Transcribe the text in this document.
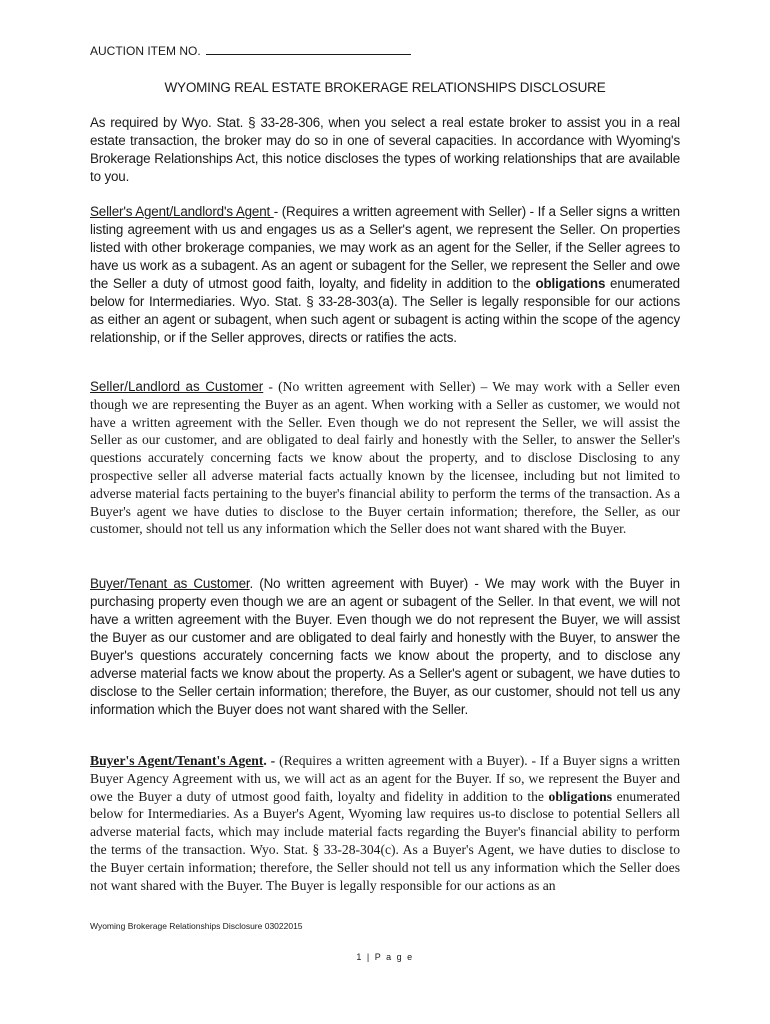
AUCTION ITEM NO.
WYOMING REAL ESTATE BROKERAGE RELATIONSHIPS DISCLOSURE

As required by Wyo. Stat. § 33-28-306, when you select a real estate broker to assist you in a real estate transaction, the broker may do so in one of several capacities. In accordance with Wyoming's Brokerage Relationships Act, this notice discloses the types of working relationships that are available to you.

Seller's Agent/Landlord's Agent - (Requires a written agreement with Seller) - If a Seller signs a written listing agreement with us and engages us as a Seller's agent, we represent the Seller. On properties listed with other brokerage companies, we may work as an agent for the Seller, if the Seller agrees to have us work as a subagent. As an agent or subagent for the Seller, we represent the Seller and owe the Seller a duty of utmost good faith, loyalty, and fidelity in addition to the obligations enumerated below for Intermediaries. Wyo. Stat. § 33-28-303(a). The Seller is legally responsible for our actions as either an agent or subagent, when such agent or subagent is acting within the scope of the agency relationship, or if the Seller approves, directs or ratifies the acts.

Seller/Landlord as Customer - (No written agreement with Seller) – We may work with a Seller even though we are representing the Buyer as an agent. When working with a Seller as customer, we would not have a written agreement with the Seller. Even though we do not represent the Seller, we will assist the Seller as our customer, and are obligated to deal fairly and honestly with the Seller, to answer the Seller's questions accurately concerning facts we know about the property, and to disclose Disclosing to any prospective seller all adverse material facts actually known by the licensee, including but not limited to adverse material facts pertaining to the buyer's financial ability to perform the terms of the transaction. As a Buyer's agent we have duties to disclose to the Buyer certain information; therefore, the Seller, as our customer, should not tell us any information which the Seller does not want shared with the Buyer.

Buyer/Tenant as Customer. (No written agreement with Buyer) - We may work with the Buyer in purchasing property even though we are an agent or subagent of the Seller. In that event, we will not have a written agreement with the Buyer. Even though we do not represent the Buyer, we will assist the Buyer as our customer and are obligated to deal fairly and honestly with the Buyer, to answer the Buyer's questions accurately concerning facts we know about the property, and to disclose any adverse material facts we know about the property. As a Seller's agent or subagent, we have duties to disclose to the Seller certain information; therefore, the Buyer, as our customer, should not tell us any information which the Buyer does not want shared with the Seller.

Buyer's Agent/Tenant's Agent. - (Requires a written agreement with a Buyer). - If a Buyer signs a written Buyer Agency Agreement with us, we will act as an agent for the Buyer. If so, we represent the Buyer and owe the Buyer a duty of utmost good faith, loyalty and fidelity in addition to the obligations enumerated below for Intermediaries. As a Buyer's Agent, Wyoming law requires us-to disclose to potential Sellers all adverse material facts, which may include material facts regarding the Buyer's financial ability to perform the terms of the transaction. Wyo. Stat. § 33-28-304(c). As a Buyer's Agent, we have duties to disclose to the Buyer certain information; therefore, the Seller should not tell us any information which the Seller does not want shared with the Buyer. The Buyer is legally responsible for our actions as an

Wyoming Brokerage Relationships Disclosure 03022015
1 | P a g e
